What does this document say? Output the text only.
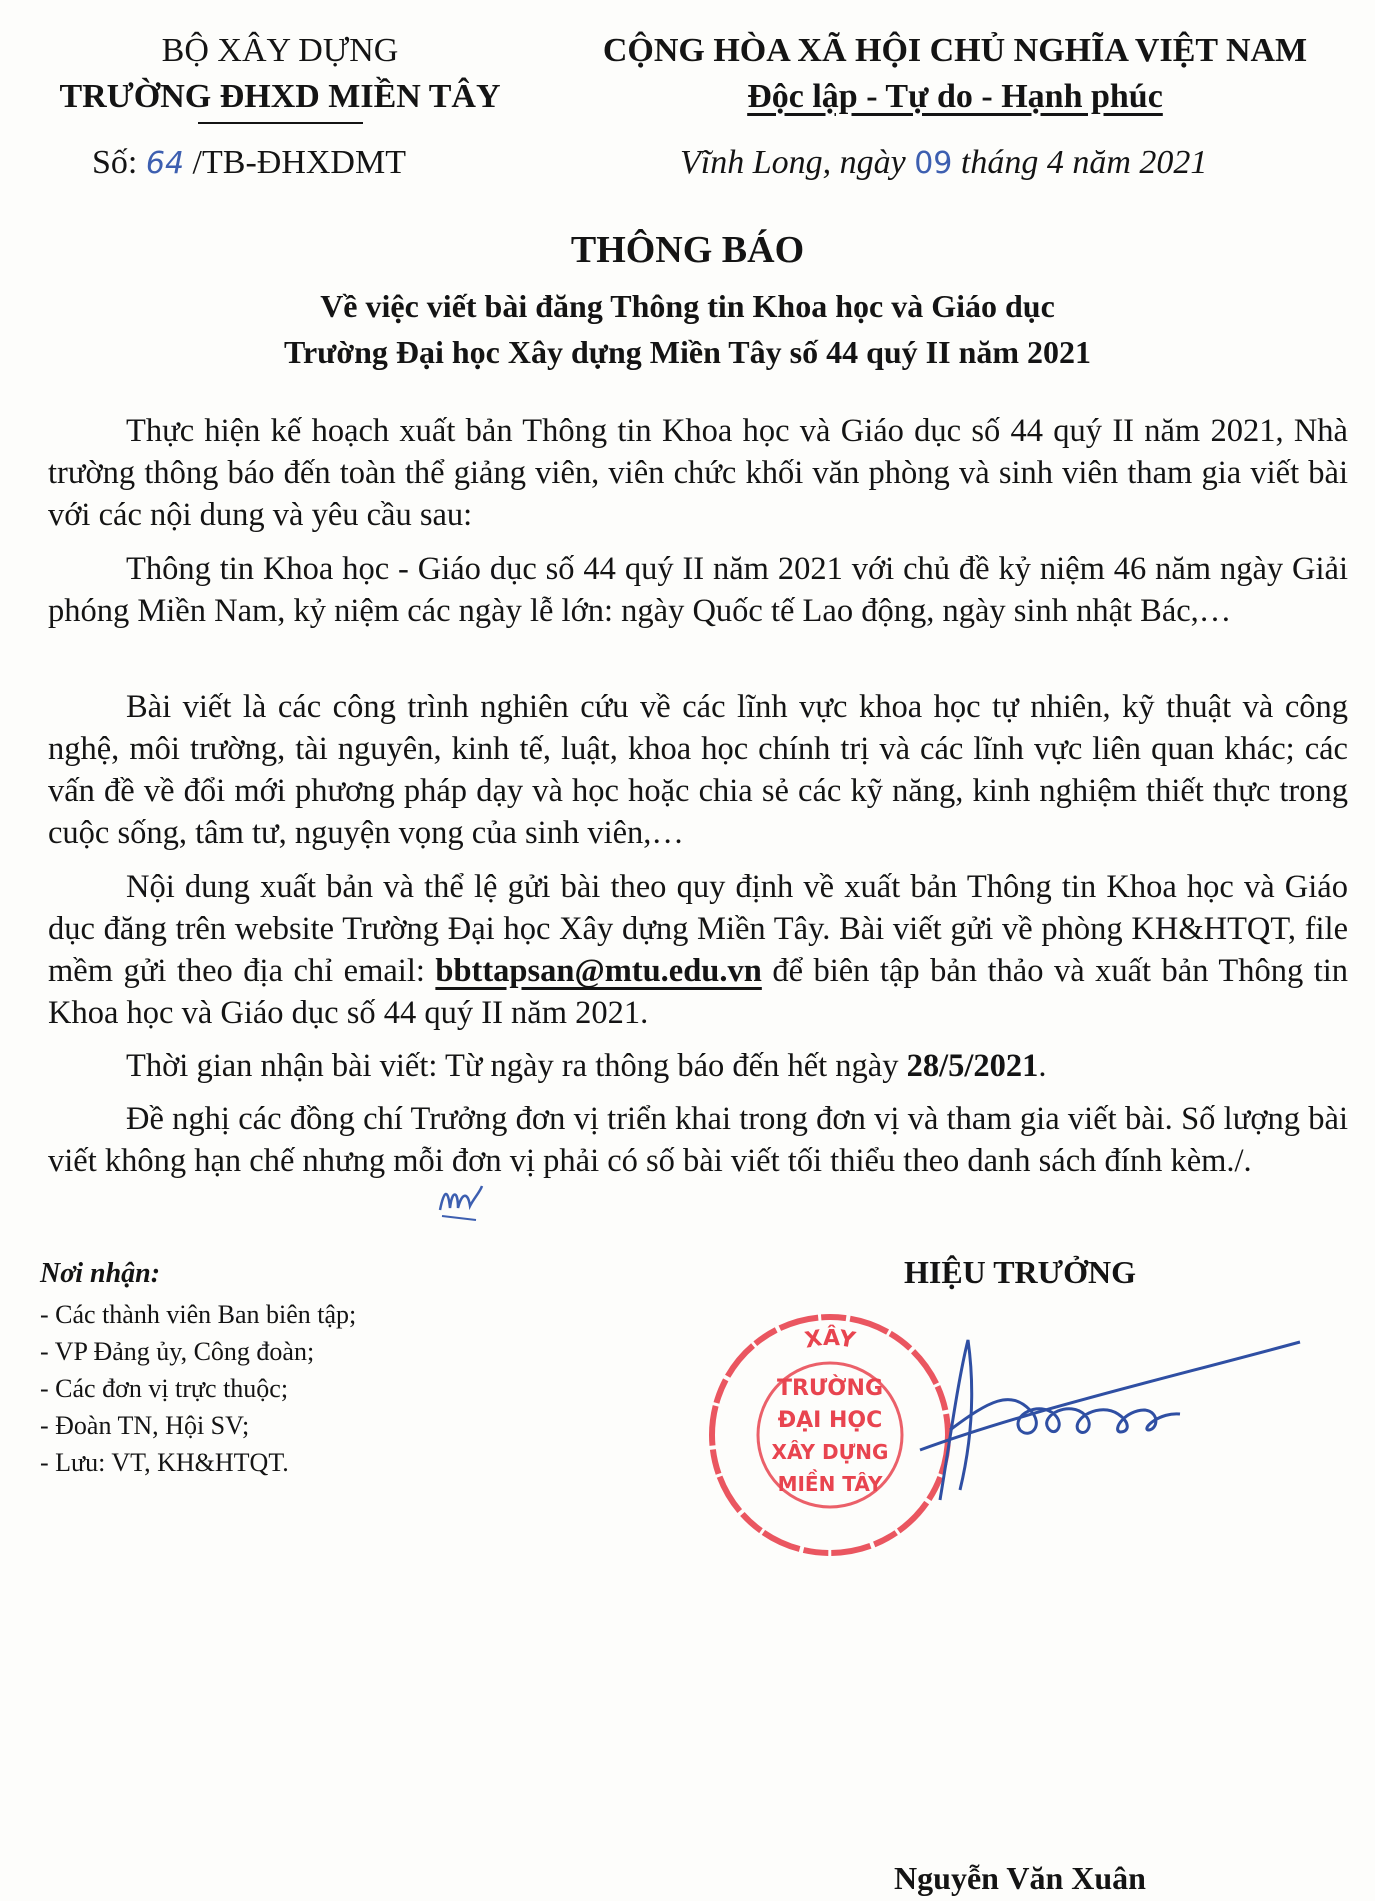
BỘ XÂY DỰNG
TRƯỜNG ĐHXD MIỀN TÂY
CỘNG HÒA XÃ HỘI CHỦ NGHĨA VIỆT NAM
Độc lập - Tự do - Hạnh phúc
Số: 64 /TB-ĐHXDMT	Vĩnh Long, ngày 09 tháng 4 năm 2021
THÔNG BÁO
Về việc viết bài đăng Thông tin Khoa học và Giáo dục
Trường Đại học Xây dựng Miền Tây số 44 quý II năm 2021

Thực hiện kế hoạch xuất bản Thông tin Khoa học và Giáo dục số 44 quý II năm 2021, Nhà trường thông báo đến toàn thể giảng viên, viên chức khối văn phòng và sinh viên tham gia viết bài với các nội dung và yêu cầu sau:

Thông tin Khoa học - Giáo dục số 44 quý II năm 2021 với chủ đề kỷ niệm 46 năm ngày Giải phóng Miền Nam, kỷ niệm các ngày lễ lớn: ngày Quốc tế Lao động, ngày sinh nhật Bác,…

Bài viết là các công trình nghiên cứu về các lĩnh vực khoa học tự nhiên, kỹ thuật và công nghệ, môi trường, tài nguyên, kinh tế, luật, khoa học chính trị và các lĩnh vực liên quan khác; các vấn đề về đổi mới phương pháp dạy và học hoặc chia sẻ các kỹ năng, kinh nghiệm thiết thực trong cuộc sống, tâm tư, nguyện vọng của sinh viên,…

Nội dung xuất bản và thể lệ gửi bài theo quy định về xuất bản Thông tin Khoa học và Giáo dục đăng trên website Trường Đại học Xây dựng Miền Tây. Bài viết gửi về phòng KH&HTQT, file mềm gửi theo địa chỉ email: bbttapsan@mtu.edu.vn để biên tập bản thảo và xuất bản Thông tin Khoa học và Giáo dục số 44 quý II năm 2021.

Thời gian nhận bài viết: Từ ngày ra thông báo đến hết ngày 28/5/2021.

Đề nghị các đồng chí Trưởng đơn vị triển khai trong đơn vị và tham gia viết bài. Số lượng bài viết không hạn chế nhưng mỗi đơn vị phải có số bài viết tối thiểu theo danh sách đính kèm./.

Nơi nhận:
- Các thành viên Ban biên tập;
- VP Đảng ủy, Công đoàn;
- Các đơn vị trực thuộc;
- Đoàn TN, Hội SV;
- Lưu: VT, KH&HTQT.
HIỆU TRƯỞNG
XÂY
TRƯỜNG
ĐẠI HỌC
XÂY DỰNG
MIỀN TÂY
Nguyễn Văn Xuân
